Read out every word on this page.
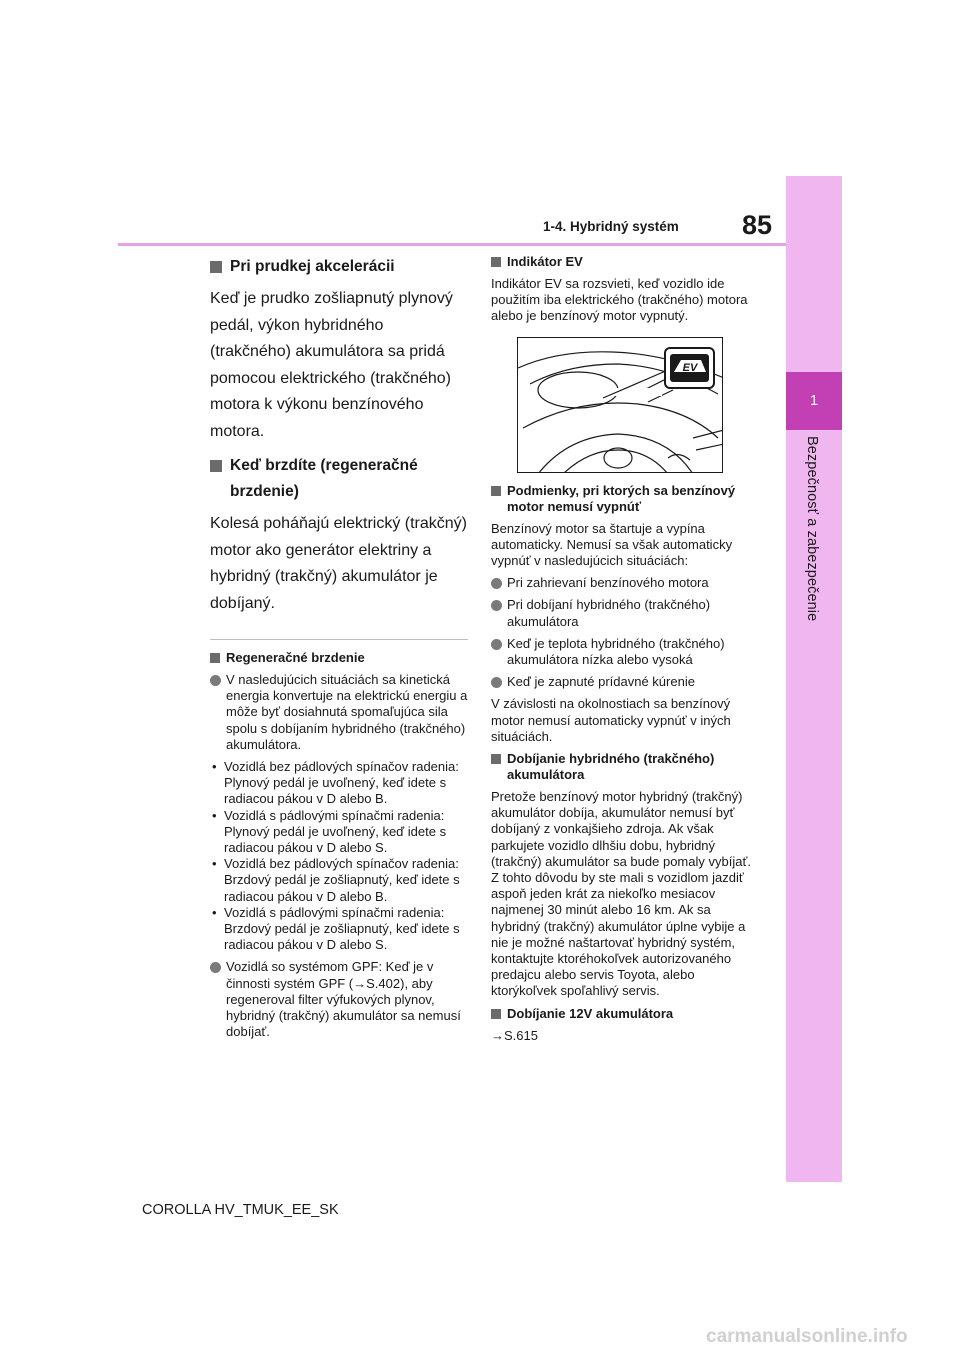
85
1-4. Hybridný systém
1
Bezpečnosť a zabezpečenie
Pri prudkej akcelerácii
Keď je prudko zošliapnutý plynový pedál, výkon hybridného (trakčného) akumulátora sa pridá pomocou elektrického (trakčného) motora k výkonu benzínového motora.
Keď brzdíte (regeneračné brzdenie)
Kolesá poháňajú elektrický (trakčný) motor ako generátor elektriny a hybridný (trakčný) akumulátor je dobíjaný.
Regeneračné brzdenie
V nasledujúcich situáciách sa kinetická energia konvertuje na elektrickú energiu a môže byť dosiahnutá spomaľujúca sila spolu s dobíjaním hybridného (trakčného) akumulátora.
• Vozidlá bez pádlových spínačov radenia: Plynový pedál je uvoľnený, keď idete s radiacou pákou v D alebo B.
• Vozidlá s pádlovými spínačmi radenia: Plynový pedál je uvoľnený, keď idete s radiacou pákou v D alebo S.
• Vozidlá bez pádlových spínačov radenia: Brzdový pedál je zošliapnutý, keď idete s radiacou pákou v D alebo B.
• Vozidlá s pádlovými spínačmi radenia: Brzdový pedál je zošliapnutý, keď idete s radiacou pákou v D alebo S.
Vozidlá so systémom GPF: Keď je v činnosti systém GPF (→S.402), aby regeneroval filter výfukových plynov, hybridný (trakčný) akumulátor sa nemusí dobíjať.
Indikátor EV
Indikátor EV sa rozsvieti, keď vozidlo ide použitím iba elektrického (trakčného) motora alebo je benzínový motor vypnutý.
EV
Podmienky, pri ktorých sa benzínový motor nemusí vypnúť
Benzínový motor sa štartuje a vypína automaticky. Nemusí sa však automaticky vypnúť v nasledujúcich situáciách:
Pri zahrievaní benzínového motora
Pri dobíjaní hybridného (trakčného) akumulátora
Keď je teplota hybridného (trakčného) akumulátora nízka alebo vysoká
Keď je zapnuté prídavné kúrenie
V závislosti na okolnostiach sa benzínový motor nemusí automaticky vypnúť v iných situáciách.
Dobíjanie hybridného (trakčného) akumulátora
Pretože benzínový motor hybridný (trakčný) akumulátor dobíja, akumulátor nemusí byť dobíjaný z vonkajšieho zdroja. Ak však parkujete vozidlo dlhšiu dobu, hybridný (trakčný) akumulátor sa bude pomaly vybíjať. Z tohto dôvodu by ste mali s vozidlom jazdiť aspoň jeden krát za niekoľko mesiacov najmenej 30 minút alebo 16 km. Ak sa hybridný (trakčný) akumulátor úplne vybije a nie je možné naštartovať hybridný systém, kontaktujte ktoréhokoľvek autorizovaného predajcu alebo servis Toyota, alebo ktorýkoľvek spoľahlivý servis.
Dobíjanie 12V akumulátora
→S.615
COROLLA HV_TMUK_EE_SK
carmanualsonline.info
